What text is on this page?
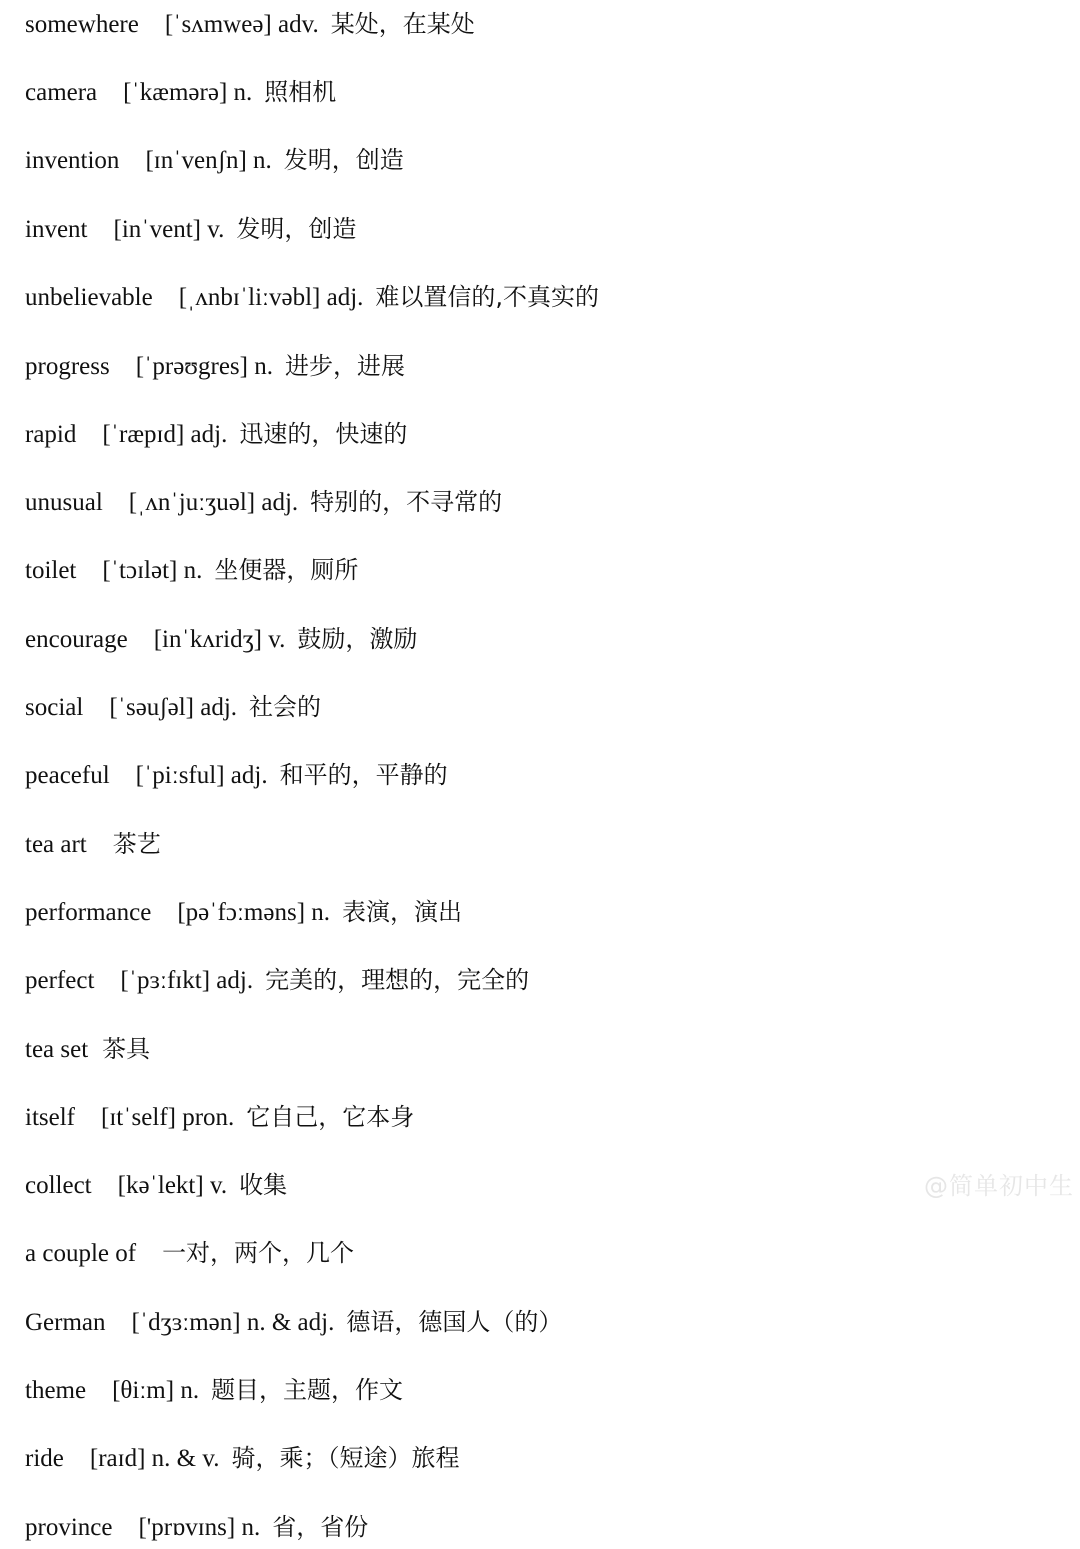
somewhere [ˈsʌmweə] adv. 某处，在某处
camera [ˈkæmərə] n. 照相机
invention [ɪnˈvenʃn] n. 发明，创造
invent [inˈvent] v. 发明，创造
unbelievable [ˌʌnbɪˈliːvəbl] adj. 难以置信的,不真实的
progress [ˈprəʊgres] n. 进步，进展
rapid [ˈræpɪd] adj. 迅速的，快速的
unusual [ˌʌnˈjuːʒuəl] adj. 特别的，不寻常的
toilet [ˈtɔɪlət] n. 坐便器，厕所
encourage [inˈkʌridʒ] v. 鼓励，激励
social [ˈsəuʃəl] adj. 社会的
peaceful [ˈpiːsful] adj. 和平的，平静的
tea art 茶艺
performance [pəˈfɔːməns] n. 表演，演出
perfect [ˈpɜːfɪkt] adj. 完美的，理想的，完全的
tea set 茶具
itself [ɪtˈself] pron. 它自己，它本身
collect [kəˈlekt] v. 收集
a couple of 一对，两个，几个
German [ˈdʒɜːmən] n. & adj. 德语，德国人（的）
theme [θiːm] n. 题目，主题，作文
ride [raɪd] n. & v. 骑，乘；（短途）旅程
province ['prɒvɪns] n. 省，省份
@简单初中生
